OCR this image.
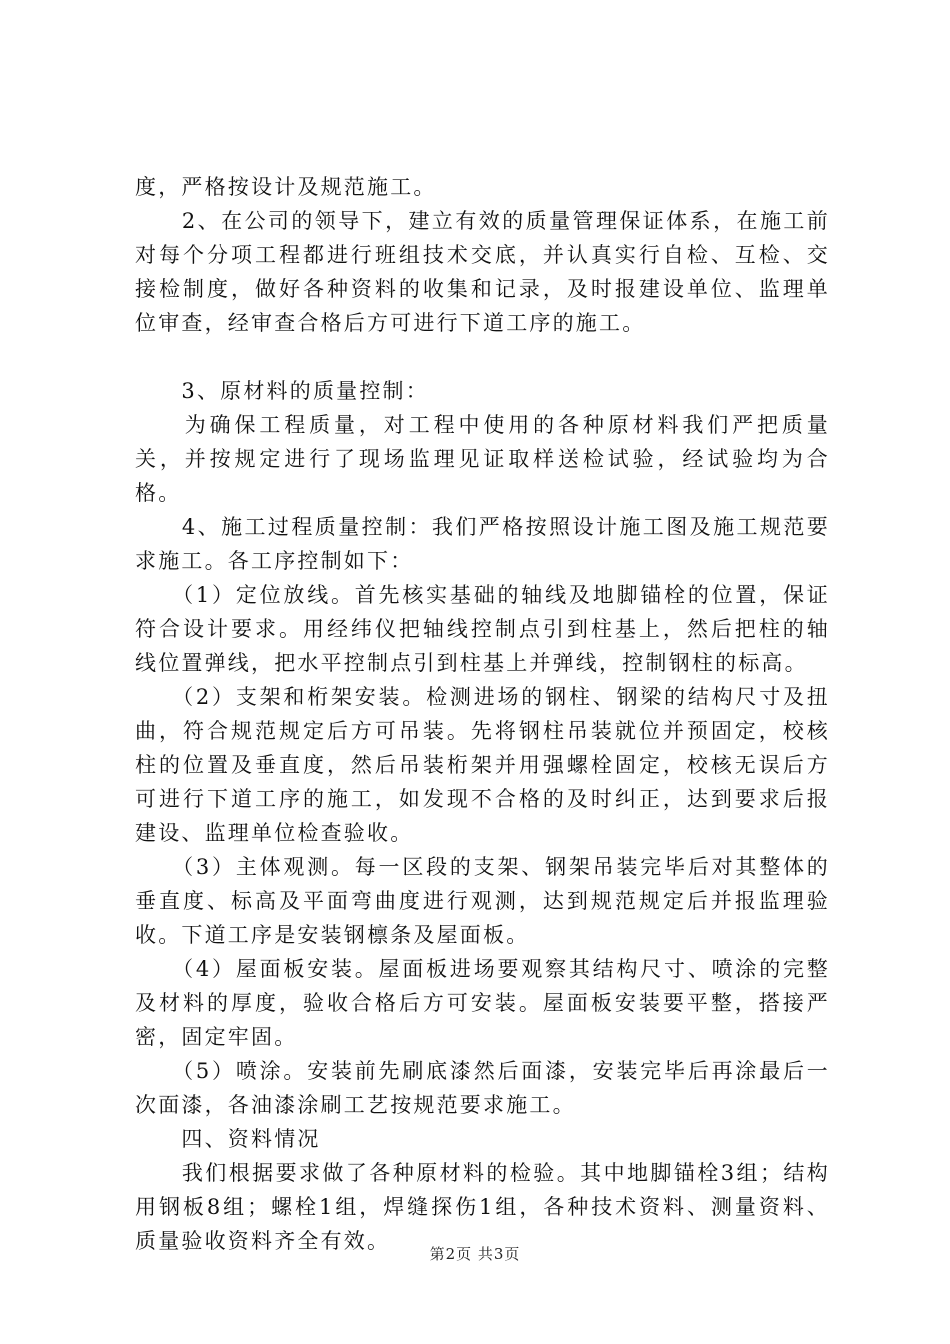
度，严格按设计及规范施工。

　　2、在公司的领导下，建立有效的质量管理保证体系，在施工前对每个分项工程都进行班组技术交底，并认真实行自检、互检、交接检制度，做好各种资料的收集和记录，及时报建设单位、监理单位审查，经审查合格后方可进行下道工序的施工。

　　3、原材料的质量控制：

　　为确保工程质量，对工程中使用的各种原材料我们严把质量关，并按规定进行了现场监理见证取样送检试验，经试验均为合格。

　　4、施工过程质量控制：我们严格按照设计施工图及施工规范要求施工。各工序控制如下：

　　（1）定位放线。首先核实基础的轴线及地脚锚栓的位置，保证符合设计要求。用经纬仪把轴线控制点引到柱基上，然后把柱的轴线位置弹线，把水平控制点引到柱基上并弹线，控制钢柱的标高。

　　（2）支架和桁架安装。检测进场的钢柱、钢梁的结构尺寸及扭曲，符合规范规定后方可吊装。先将钢柱吊装就位并预固定，校核柱的位置及垂直度，然后吊装桁架并用强螺栓固定，校核无误后方可进行下道工序的施工，如发现不合格的及时纠正，达到要求后报建设、监理单位检查验收。

　　（3）主体观测。每一区段的支架、钢架吊装完毕后对其整体的垂直度、标高及平面弯曲度进行观测，达到规范规定后并报监理验收。下道工序是安装钢檩条及屋面板。

　　（4）屋面板安装。屋面板进场要观察其结构尺寸、喷涂的完整及材料的厚度，验收合格后方可安装。屋面板安装要平整，搭接严密，固定牢固。

　　（5）喷涂。安装前先刷底漆然后面漆，安装完毕后再涂最后一次面漆，各油漆涂刷工艺按规范要求施工。

　　四、资料情况

　　我们根据要求做了各种原材料的检验。其中地脚锚栓3组；结构用钢板8组；螺栓1组，焊缝探伤1组，各种技术资料、测量资料、质量验收资料齐全有效。

第2页 共3页
